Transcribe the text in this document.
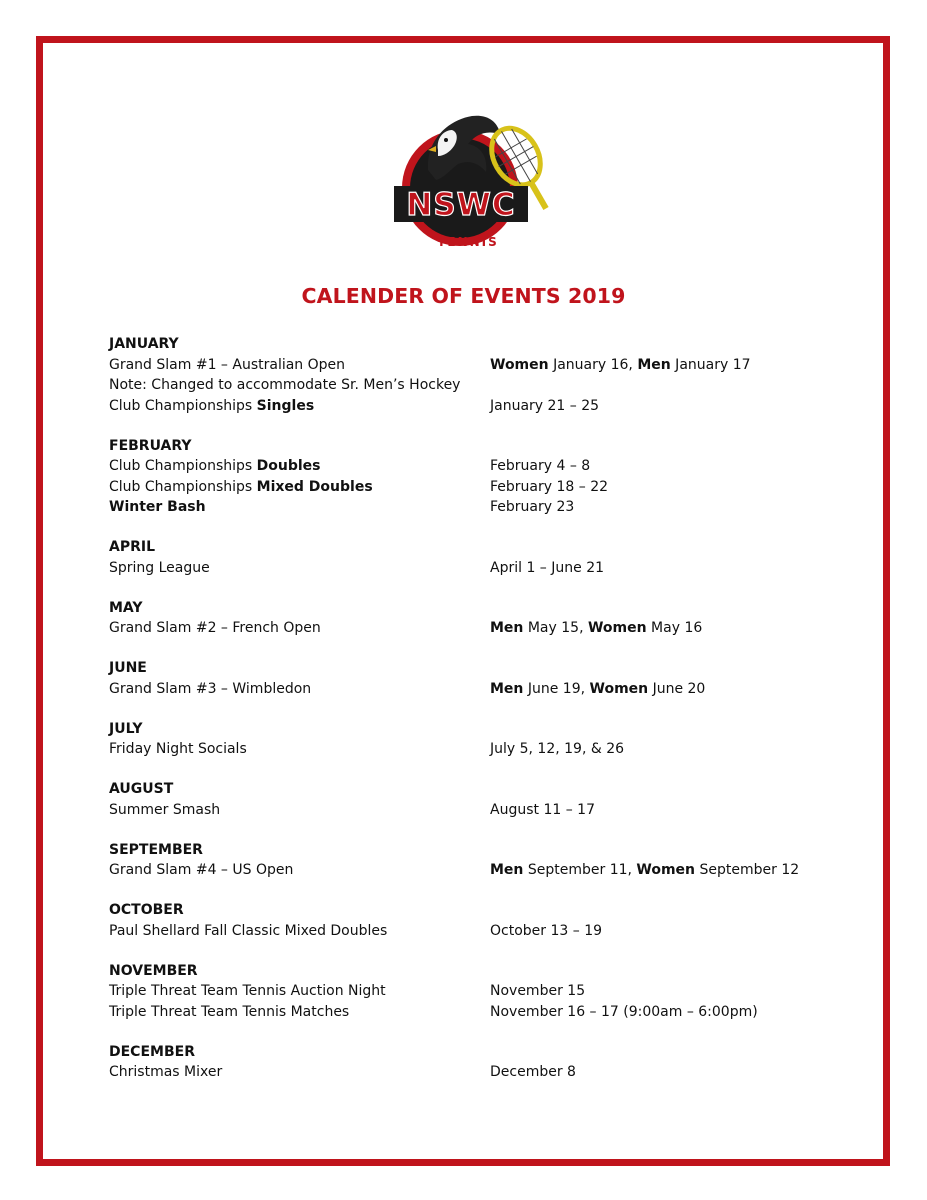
NSWC
TENNIS
CALENDER OF EVENTS 2019
JANUARY
Grand Slam #1 – Australian Open	Women January 16, Men January 17
Note: Changed to accommodate Sr. Men’s Hockey
Club Championships Singles	January 21 – 25
FEBRUARY
Club Championships Doubles	February 4 – 8
Club Championships Mixed Doubles	February 18 – 22
Winter Bash	February 23
APRIL
Spring League	April 1 – June 21
MAY
Grand Slam #2 – French Open	Men May 15, Women May 16
JUNE
Grand Slam #3 – Wimbledon	Men June 19, Women June 20
JULY
Friday Night Socials	July 5, 12, 19, & 26
AUGUST
Summer Smash	August 11 – 17
SEPTEMBER
Grand Slam #4 – US Open	Men September 11, Women September 12
OCTOBER
Paul Shellard Fall Classic Mixed Doubles	October 13 – 19
NOVEMBER
Triple Threat Team Tennis Auction Night	November 15
Triple Threat Team Tennis Matches	November 16 – 17 (9:00am – 6:00pm)
DECEMBER
Christmas Mixer	December 8
